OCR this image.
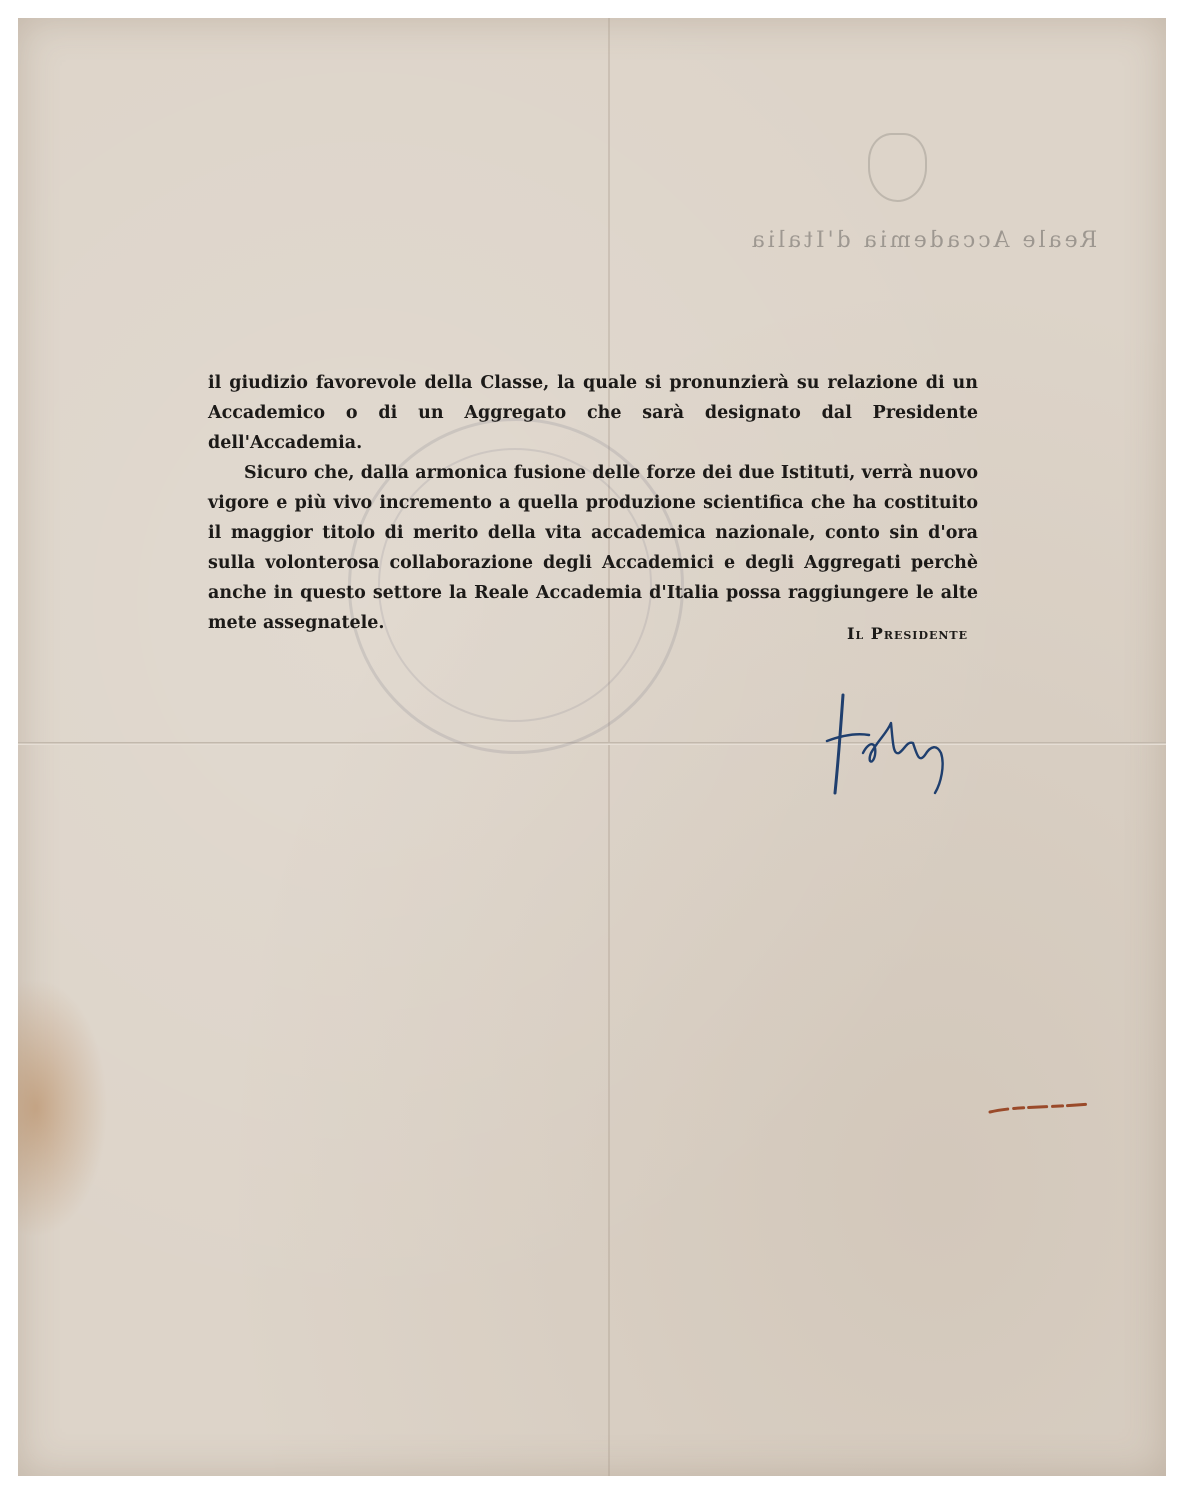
Reale Accademia d'Italia

il giudizio favorevole della Classe, la quale si pronunzierà su relazione di un Accademico o di un Aggregato che sarà designato dal Presidente dell'Accademia.

Sicuro che, dalla armonica fusione delle forze dei due Istituti, verrà nuovo vigore e più vivo incremento a quella produzione scientifica che ha costituito il maggior titolo di merito della vita accademica nazionale, conto sin d'ora sulla volonterosa collaborazione degli Accademici e degli Aggregati perchè anche in questo settore la Reale Accademia d'Italia possa raggiungere le alte mete assegnatele.

Il Presidente
